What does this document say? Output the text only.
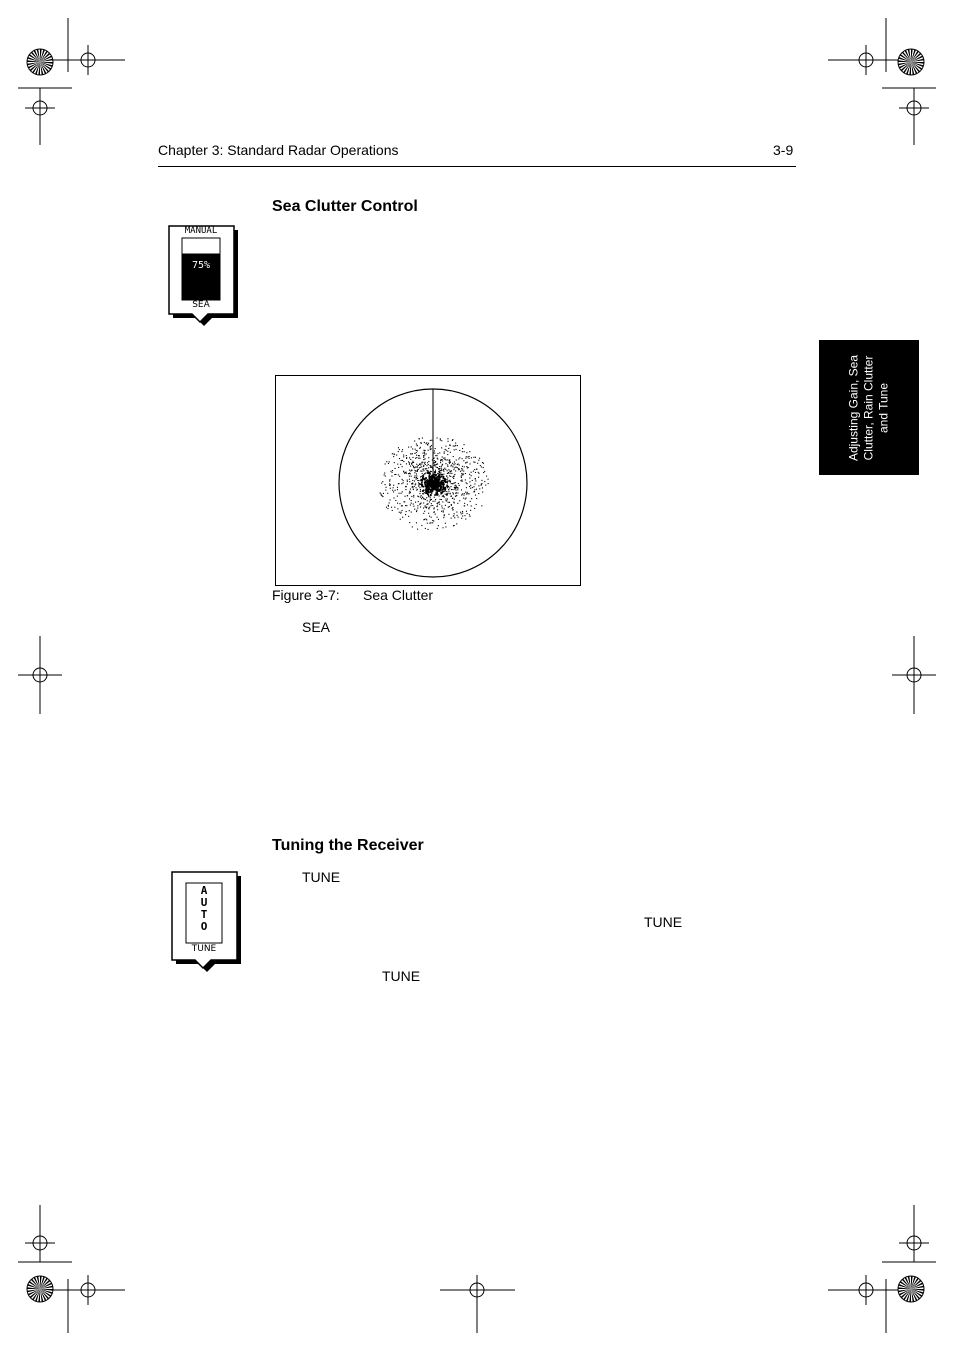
Chapter 3: Standard Radar Operations	3-9
Adjusting Gain, Sea Clutter, Rain Clutter and Tune
Sea Clutter Control
MANUAL
75%
SEA
Figure 3-7: Sea Clutter
SEA
Tuning the Receiver
AUTO
TUNE
TUNE
TUNE
TUNE
